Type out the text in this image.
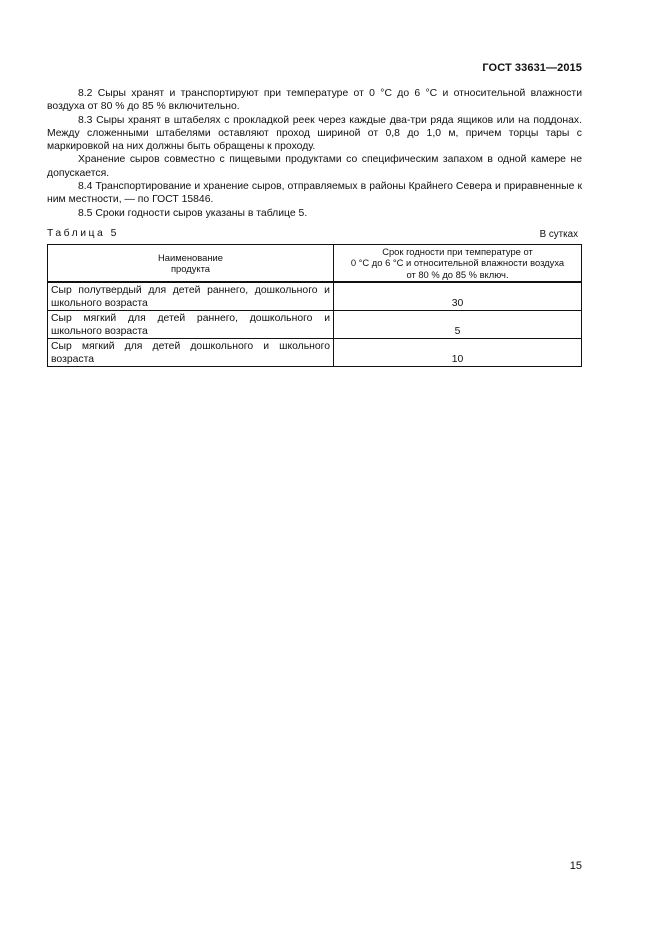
ГОСТ 33631—2015

8.2 Сыры хранят и транспортируют при температуре от 0 °C до 6 °C и относительной влажности воздуха от 80 % до 85 % включительно.

8.3 Сыры хранят в штабелях с прокладкой реек через каждые два-три ряда ящиков или на поддонах. Между сложенными штабелями оставляют проход шириной от 0,8 до 1,0 м, причем торцы тары с маркировкой на них должны быть обращены к проходу.

Хранение сыров совместно с пищевыми продуктами со специфическим запахом в одной камере не допускается.

8.4 Транспортирование и хранение сыров, отправляемых в районы Крайнего Севера и приравненные к ним местности, — по ГОСТ 15846.

8.5 Сроки годности сыров указаны в таблице 5.

Таблица 5	В сутках
Наименование
продукта	Срок годности при температуре от
0 °C до 6 °C и относительной влажности воздуха
от 80 % до 85 % включ.
Сыр полутвердый для детей раннего, дошкольного и школьного возраста	30
Сыр мягкий для детей раннего, дошкольного и школьного возраста	5
Сыр мягкий для детей дошкольного и школьного возраста	10
15
